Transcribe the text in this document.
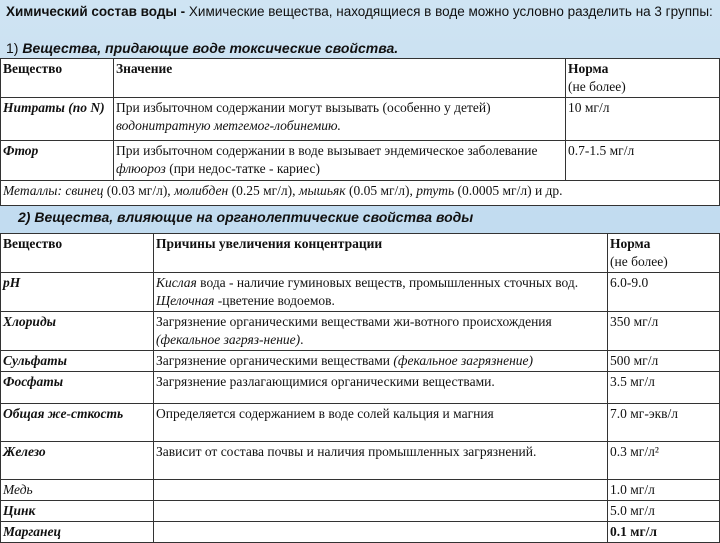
Химический состав воды - Химические вещества, находящиеся в воде можно условно разделить на 3 группы:
1) Вещества, придающие воде токсические свойства.
Вещество	Значение	Норма
(не более)
Нитраты (по N)	При избыточном содержании могут вызывать (особенно у детей) водонитратную метгемог-лобинемию.	10 мг/л
Фтор	При избыточном содержании в воде вызывает эндемическое заболевание флюороз (при недос-татке - кариес)	0.7-1.5 мг/л
Металлы: свинец (0.03 мг/л), молибден (0.25 мг/л), мышьяк (0.05 мг/л), ртуть (0.0005 мг/л) и др.		
2) Вещества, влияющие на органолептические свойства воды
Вещество	Причины увеличения концентрации	Норма
(не более)
pH	Кислая вода - наличие гуминовых веществ, промышленных сточных вод. Щелочная -цветение водоемов.	6.0-9.0
Хлориды	Загрязнение органическими веществами жи-вотного происхождения (фекальное загряз-нение).	350 мг/л
Сульфаты	Загрязнение органическими веществами (фекальное загрязнение)	500 мг/л
Фосфаты	Загрязнение разлагающимися органическими веществами.	3.5 мг/л
Общая же-сткость	Определяется содержанием в воде солей кальция и магния	7.0 мг-экв/л
Железо	Зависит от состава почвы и наличия промышленных загрязнений.	0.3 мг/л²
Медь		1.0 мг/л
Цинк		5.0 мг/л
Марганец		0.1 мг/л
